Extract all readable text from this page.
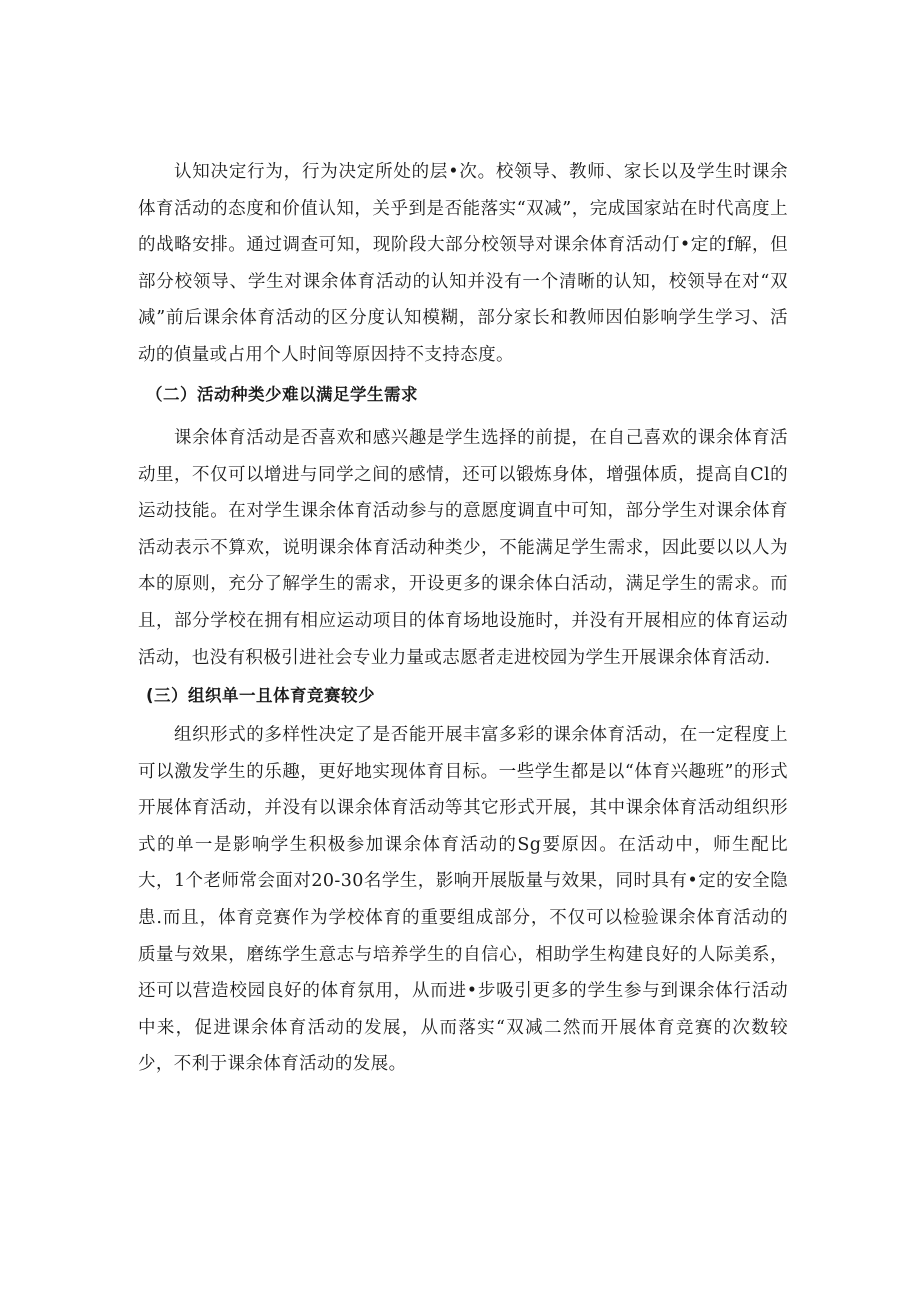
认知决定行为，行为决定所处的层•次。校领导、教师、家长以及学生时课余体育活动的态度和价值认知，关乎到是否能落实“双减”，完成国家站在时代高度上的战略安排。通过调查可知，现阶段大部分校领导对课余体育活动仃•定的f解，但部分校领导、学生对课余体育活动的认知并没有一个清晰的认知，校领导在对“双减”前后课余体育活动的区分度认知模糊，部分家长和教师因伯影响学生学习、活动的偵量或占用个人时间等原因持不支持态度。

（二）活动种类少难以满足学生需求

课余体育活动是否喜欢和感兴趣是学生选择的前提，在自己喜欢的课余体育活动里，不仅可以增进与同学之间的感情，还可以锻炼身体，增强体质，提高自Cl的运动技能。在对学生课余体育活动参与的意愿度调直中可知，部分学生对课余体育活动表示不算欢，说明课余体育活动种类少，不能满足学生需求，因此要以以人为本的原则，充分了解学生的需求，开设更多的课余体白活动，满足学生的需求。而且，部分学校在拥有相应运动项目的体育场地设施时，并没有开展相应的体育运动活动，也没有积极引进社会专业力量或志愿者走进校园为学生开展课余体育活动.

(三）组织单一且体育竞赛较少

组织形式的多样性决定了是否能开展丰富多彩的课余体育活动，在一定程度上可以激发学生的乐趣，更好地实现体育目标。一些学生都是以“体育兴趣班”的形式开展体育活动，并没有以课余体育活动等其它形式开展，其中课余体育活动组织形式的单一是影响学生积极参加课余体育活动的Sg要原因。在活动中，师生配比大，1个老师常会面对20-30名学生，影响开展版量与效果，同时具有•定的安全隐患.而且，体育竞赛作为学校体育的重要组成部分，不仅可以检验课余体育活动的质量与效果，磨练学生意志与培养学生的自信心，相助学生构建良好的人际美系，还可以营造校园良好的体育氛用，从而进•步吸引更多的学生参与到课余体行活动中来，促进课余体育活动的发展，从而落实“双减二然而开展体育竞赛的次数较少，不利于课余体育活动的发展。
